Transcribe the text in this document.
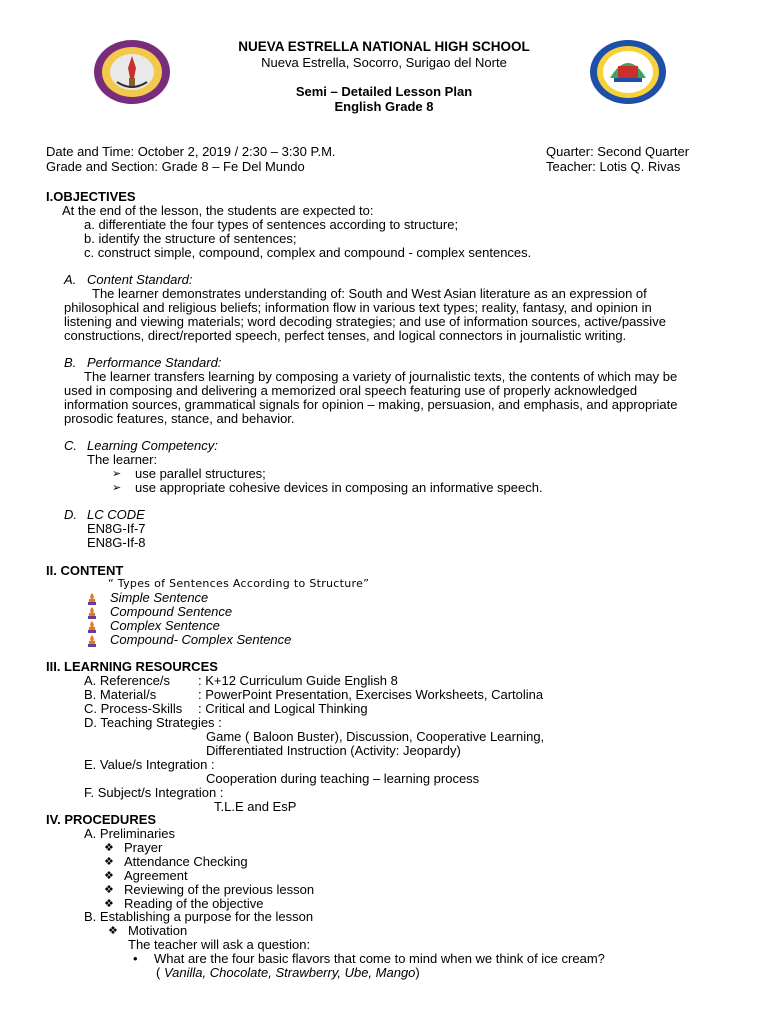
NUEVA ESTRELLA NATIONAL HIGH SCHOOL
Nueva Estrella, Socorro, Surigao del Norte
Semi – Detailed Lesson Plan
English Grade 8
Date and Time: October 2, 2019 / 2:30 – 3:30 P.M.
Grade and Section: Grade 8 – Fe Del Mundo
Quarter: Second Quarter
Teacher: Lotis Q. Rivas
I.OBJECTIVES
At the end of the lesson, the students are expected to:
a. differentiate the four types of sentences according to structure;
b. identify the structure of sentences;
c. construct simple, compound, complex and compound - complex sentences.
A. Content Standard:
The learner demonstrates understanding of: South and West Asian literature as an expression of
philosophical and religious beliefs; information flow in various text types; reality, fantasy, and opinion in
listening and viewing materials; word decoding strategies; and use of information sources, active/passive
constructions, direct/reported speech, perfect tenses, and logical connectors in journalistic writing.
B. Performance Standard:
The learner transfers learning by composing a variety of journalistic texts, the contents of which may be
used in composing and delivering a memorized oral speech featuring use of properly acknowledged
information sources, grammatical signals for opinion – making, persuasion, and emphasis, and appropriate
prosodic features, stance, and behavior.
C. Learning Competency:
The learner:
➢ use parallel structures;
➢ use appropriate cohesive devices in composing an informative speech.
D. LC CODE
EN8G-If-7
EN8G-If-8
II. CONTENT
“ Types of Sentences According to Structure”
Simple Sentence
Compound Sentence
Complex Sentence
Compound- Complex Sentence
III. LEARNING RESOURCES
A. Reference/s : K+12 Curriculum Guide English 8
B. Material/s	: PowerPoint Presentation, Exercises Worksheets, Cartolina
C. Process-Skills : Critical and Logical Thinking
D. Teaching Strategies :
Game ( Baloon Buster), Discussion, Cooperative Learning,
Differentiated Instruction (Activity: Jeopardy)
E. Value/s Integration :
Cooperation during teaching – learning process
F. Subject/s Integration :
T.L.E and EsP
IV. PROCEDURES
A. Preliminaries
❖ Prayer
❖ Attendance Checking
❖ Agreement
❖ Reviewing of the previous lesson
❖ Reading of the objective
B. Establishing a purpose for the lesson
❖ Motivation
The teacher will ask a question:
• What are the four basic flavors that come to mind when we think of ice cream?
( Vanilla, Chocolate, Strawberry, Ube, Mango)
